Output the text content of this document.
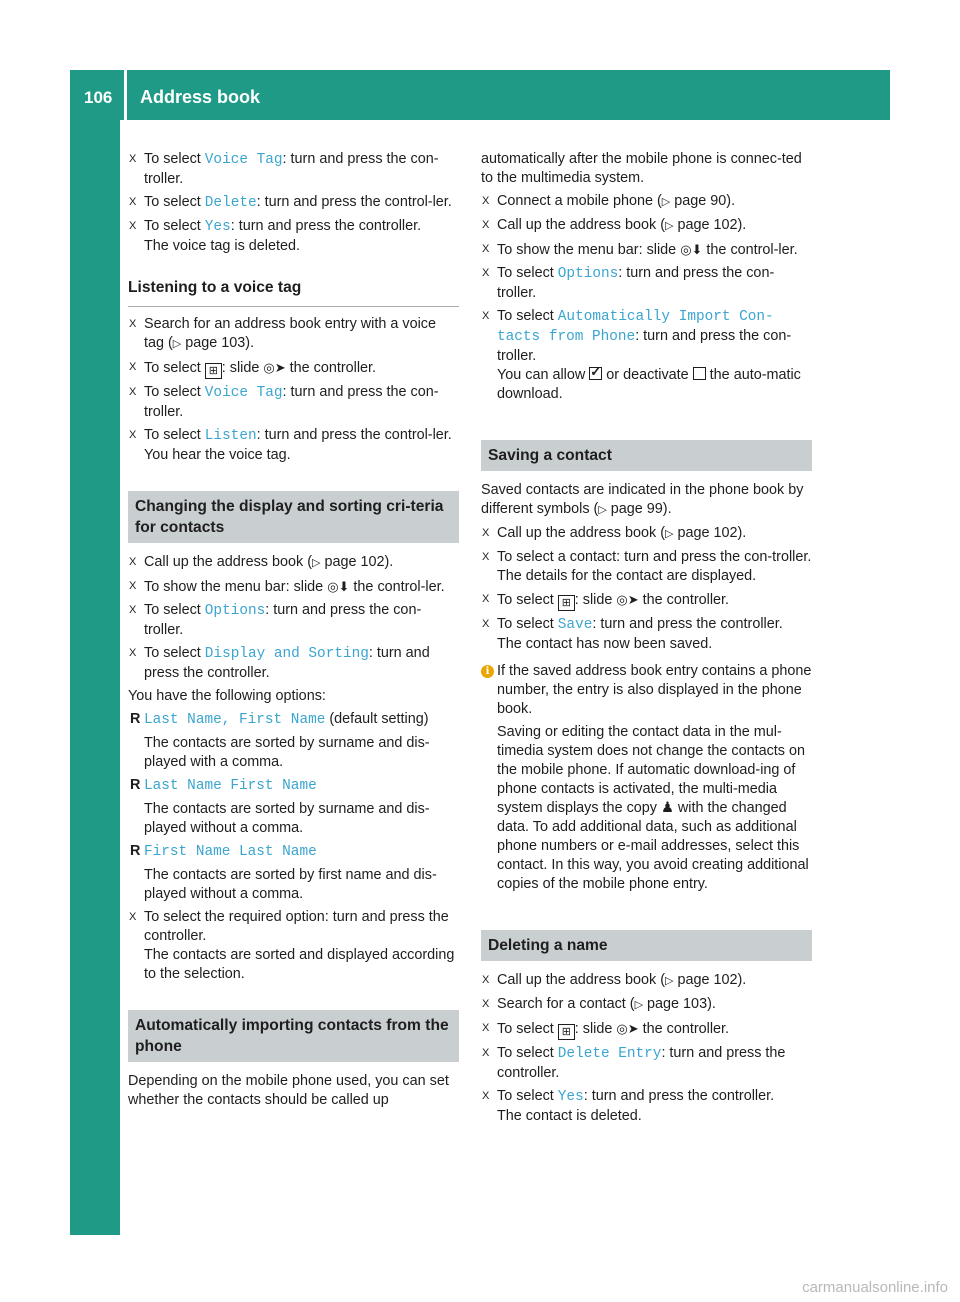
106 Address book
Telephone
X To select Voice Tag: turn and press the con-troller.
X To select Delete: turn and press the control-ler.
X To select Yes: turn and press the controller.
The voice tag is deleted.
Listening to a voice tag
X Search for an address book entry with a voice tag (▷ page 103).
X To select ⊞ : slide ◎➤ the controller.
X To select Voice Tag: turn and press the con-troller.
X To select Listen: turn and press the control-ler.
You hear the voice tag.
Changing the display and sorting cri-teria for contacts
X Call up the address book (▷ page 102).
X To show the menu bar: slide ◎⬇ the control-ler.
X To select Options: turn and press the con-troller.
X To select Display and Sorting: turn and press the controller.
You have the following options:
R Last Name, First Name (default setting)
The contacts are sorted by surname and dis-played with a comma.
R Last Name First Name
The contacts are sorted by surname and dis-played without a comma.
R First Name Last Name
The contacts are sorted by first name and dis-played without a comma.
X To select the required option: turn and press the controller.
The contacts are sorted and displayed according to the selection.
Automatically importing contacts from the phone
Depending on the mobile phone used, you can set whether the contacts should be called up
automatically after the mobile phone is connec-ted to the multimedia system.
X Connect a mobile phone (▷ page 90).
X Call up the address book (▷ page 102).
X To show the menu bar: slide ◎⬇ the control-ler.
X To select Options: turn and press the con-troller.
X To select Automatically Import Con-tacts from Phone: turn and press the con-troller.
You can allow ✓ or deactivate  the auto-matic download.
Saving a contact
Saved contacts are indicated in the phone book by different symbols (▷ page 99).
X Call up the address book (▷ page 102).
X To select a contact: turn and press the con-troller.
The details for the contact are displayed.
X To select ⊞ : slide ◎➤ the controller.
X To select Save: turn and press the controller.
The contact has now been saved.
i If the saved address book entry contains a phone number, the entry is also displayed in the phone book.
Saving or editing the contact data in the mul-timedia system does not change the contacts on the mobile phone. If automatic download-ing of phone contacts is activated, the multi-media system displays the copy ♟ with the changed data. To add additional data, such as additional phone numbers or e-mail addresses, select this contact. In this way, you avoid creating additional copies of the mobile phone entry.
Deleting a name
X Call up the address book (▷ page 102).
X Search for a contact (▷ page 103).
X To select ⊞ : slide ◎➤ the controller.
X To select Delete Entry: turn and press the controller.
X To select Yes: turn and press the controller.
The contact is deleted.
carmanualsonline.info
